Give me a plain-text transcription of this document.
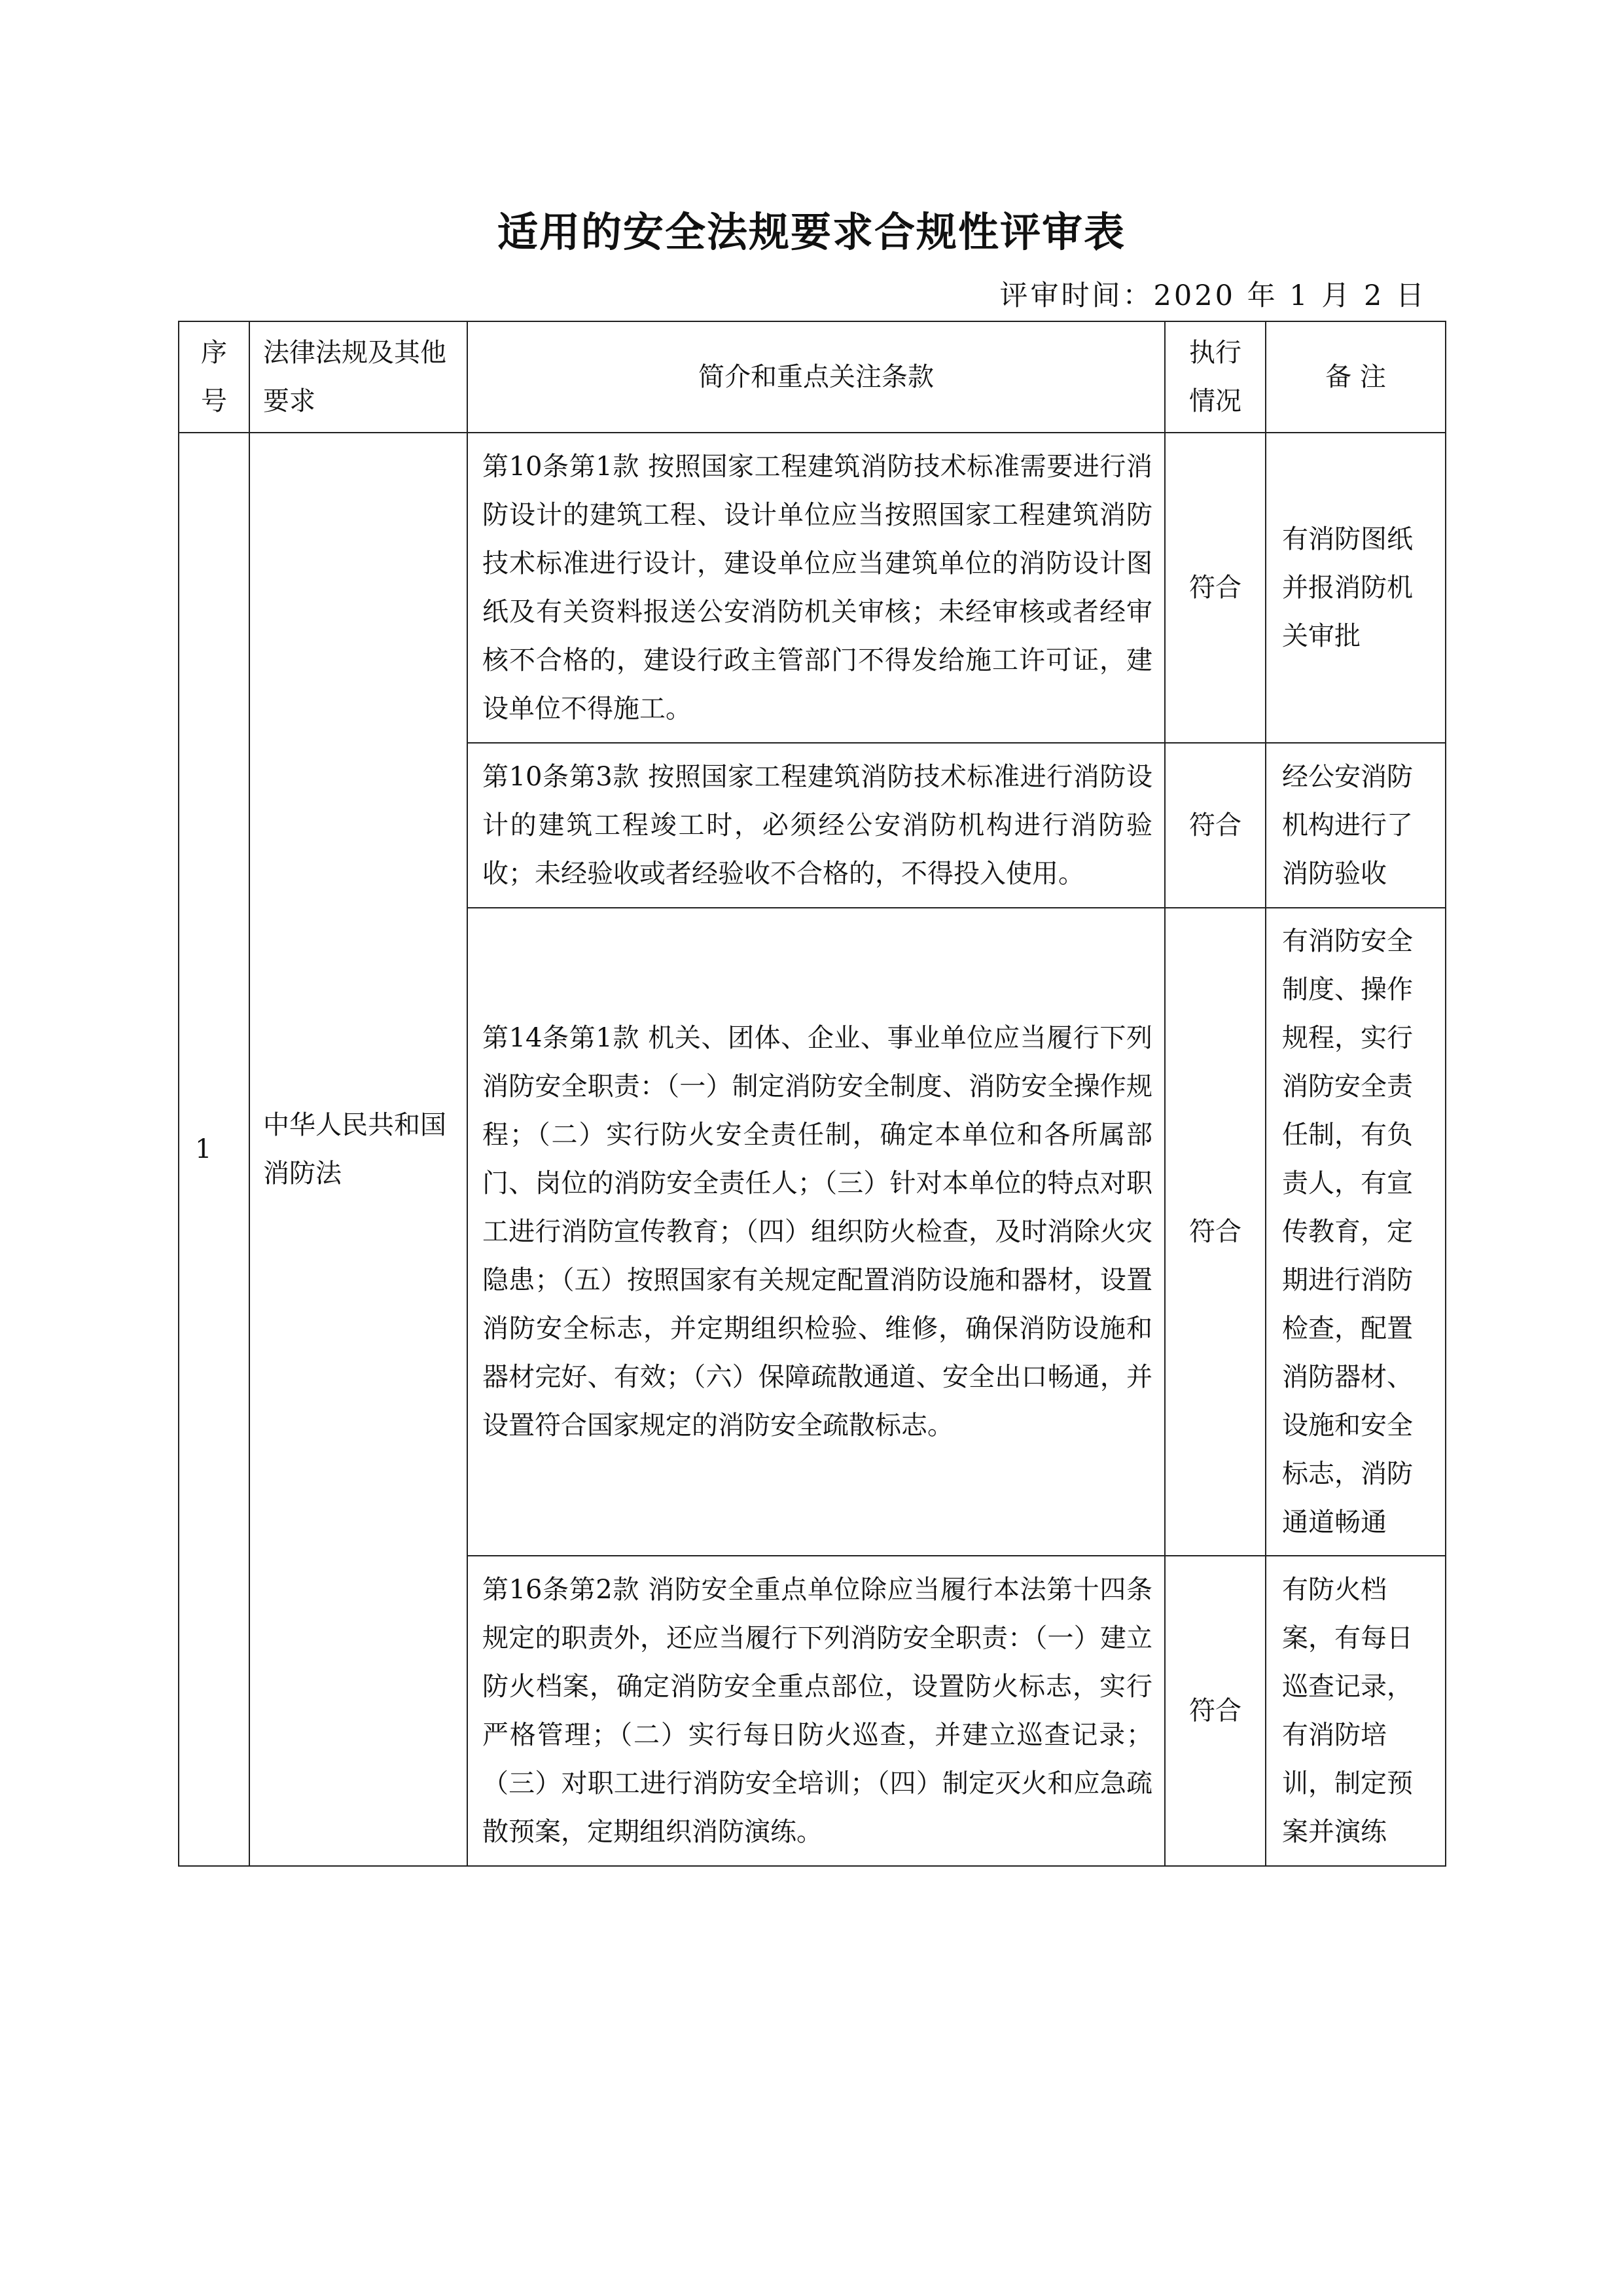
适用的安全法规要求合规性评审表
评审时间：2020 年 1 月 2 日
序号	法律法规及其他要求	简介和重点关注条款	执行情况	备 注
1	中华人民共和国消防法	第10条第1款 按照国家工程建筑消防技术标准需要进行消防设计的建筑工程、设计单位应当按照国家工程建筑消防技术标准进行设计，建设单位应当建筑单位的消防设计图纸及有关资料报送公安消防机关审核；未经审核或者经审核不合格的，建设行政主管部门不得发给施工许可证，建设单位不得施工。	符合	有消防图纸并报消防机关审批
		第10条第3款 按照国家工程建筑消防技术标准进行消防设计的建筑工程竣工时，必须经公安消防机构进行消防验收；未经验收或者经验收不合格的，不得投入使用。	符合	经公安消防机构进行了消防验收
		第14条第1款 机关、团体、企业、事业单位应当履行下列消防安全职责：（一）制定消防安全制度、消防安全操作规程；（二）实行防火安全责任制，确定本单位和各所属部门、岗位的消防安全责任人；（三）针对本单位的特点对职工进行消防宣传教育；（四）组织防火检查，及时消除火灾隐患；（五）按照国家有关规定配置消防设施和器材，设置消防安全标志，并定期组织检验、维修，确保消防设施和器材完好、有效；（六）保障疏散通道、安全出口畅通，并设置符合国家规定的消防安全疏散标志。	符合	有消防安全制度、操作规程，实行消防安全责任制，有负责人，有宣传教育，定期进行消防检查，配置消防器材、设施和安全标志，消防通道畅通
		第16条第2款 消防安全重点单位除应当履行本法第十四条规定的职责外，还应当履行下列消防安全职责：（一）建立防火档案，确定消防安全重点部位，设置防火标志，实行严格管理；（二）实行每日防火巡查，并建立巡查记录；（三）对职工进行消防安全培训；（四）制定灭火和应急疏散预案，定期组织消防演练。	符合	有防火档案，有每日巡查记录，有消防培训，制定预案并演练
